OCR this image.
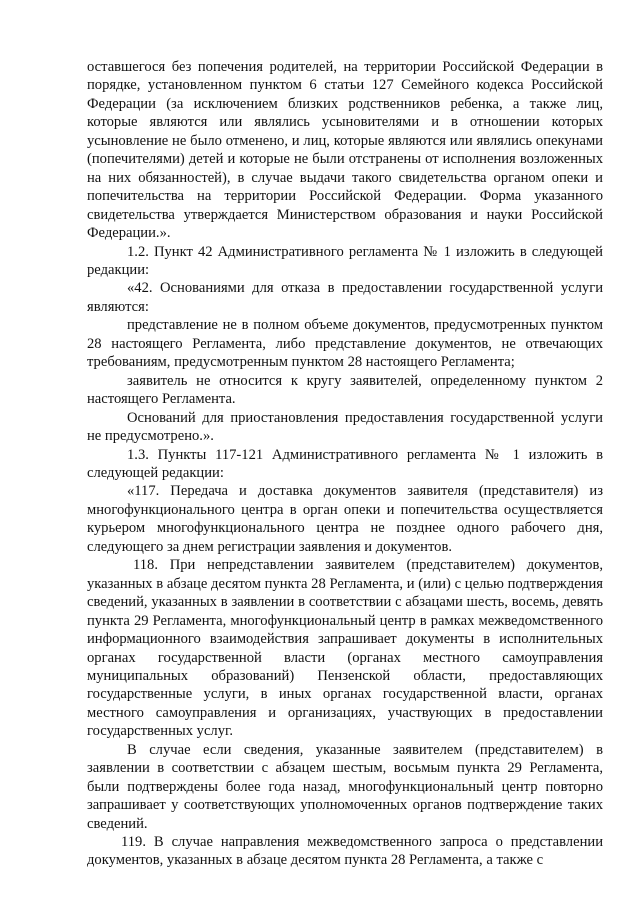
оставшегося без попечения родителей, на территории Российской Федерации в порядке, установленном пунктом 6 статьи 127 Семейного кодекса Российской Федерации (за исключением близких родственников ребенка, а также лиц, которые являются или являлись усыновителями и в отношении которых усыновление не было отменено, и лиц, которые являются или являлись опекунами (попечителями) детей и которые не были отстранены от исполнения возложенных на них обязанностей), в случае выдачи такого свидетельства органом опеки и попечительства на территории Российской Федерации. Форма указанного свидетельства утверждается Министерством образования и науки Российской Федерации.».

1.2. Пункт 42 Административного регламента № 1 изложить в следующей редакции:

«42. Основаниями для отказа в предоставлении государственной услуги являются:

представление не в полном объеме документов, предусмотренных пунктом 28 настоящего Регламента, либо представление документов, не отвечающих требованиям, предусмотренным пунктом 28 настоящего Регламента;

заявитель не относится к кругу заявителей, определенному пунктом 2 настоящего Регламента.

Оснований для приостановления предоставления государственной услуги не предусмотрено.».

1.3. Пункты 117-121 Административного регламента № 1 изложить в следующей редакции:

«117. Передача и доставка документов заявителя (представителя) из многофункционального центра в орган опеки и попечительства осуществляется курьером многофункционального центра не позднее одного рабочего дня, следующего за днем регистрации заявления и документов.

118. При непредставлении заявителем (представителем) документов, указанных в абзаце десятом пункта 28 Регламента, и (или) с целью подтверждения сведений, указанных в заявлении в соответствии с абзацами шесть, восемь, девять пункта 29 Регламента, многофункциональный центр в рамках межведомственного информационного взаимодействия запрашивает документы в исполнительных органах государственной власти (органах местного самоуправления муниципальных образований) Пензенской области, предоставляющих государственные услуги, в иных органах государственной власти, органах местного самоуправления и организациях, участвующих в предоставлении государственных услуг.

В случае если сведения, указанные заявителем (представителем) в заявлении в соответствии с абзацем шестым, восьмым пункта 29 Регламента, были подтверждены более года назад, многофункциональный центр повторно запрашивает у соответствующих уполномоченных органов подтверждение таких сведений.

119. В случае направления межведомственного запроса о представлении документов, указанных в абзаце десятом пункта 28 Регламента, а также с
